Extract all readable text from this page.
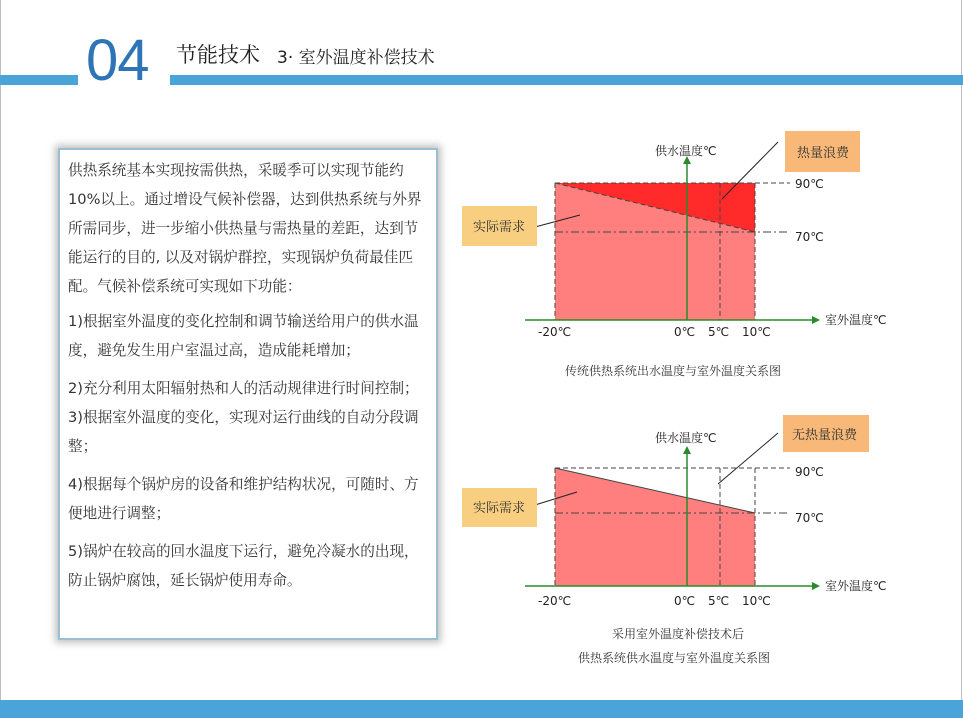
04 节能技术 3· 室外温度补偿技术

供热系统基本实现按需供热，采暖季可以实现节能约10%以上。通过增设气候补偿器，达到供热系统与外界所需同步，进一步缩小供热量与需热量的差距，达到节能运行的目的, 以及对锅炉群控，实现锅炉负荷最佳匹配。气候补偿系统可实现如下功能：

1)根据室外温度的变化控制和调节输送给用户的供水温度，避免发生用户室温过高，造成能耗增加；

2)充分利用太阳辐射热和人的活动规律进行时间控制；

3)根据室外温度的变化，实现对运行曲线的自动分段调整；

4)根据每个锅炉房的设备和维护结构状况，可随时、方便地进行调整；

5)锅炉在较高的回水温度下运行，避免冷凝水的出现，防止锅炉腐蚀，延长锅炉使用寿命。

供水温度℃
室外温度℃
90℃
70℃
-20℃	0℃ 5℃ 10℃
热量浪费
实际需求
传统供热系统出水温度与室外温度关系图
供水温度℃
室外温度℃
90℃
70℃
-20℃	0℃ 5℃ 10℃
无热量浪费
实际需求
采用室外温度补偿技术后
供热系统供水温度与室外温度关系图
